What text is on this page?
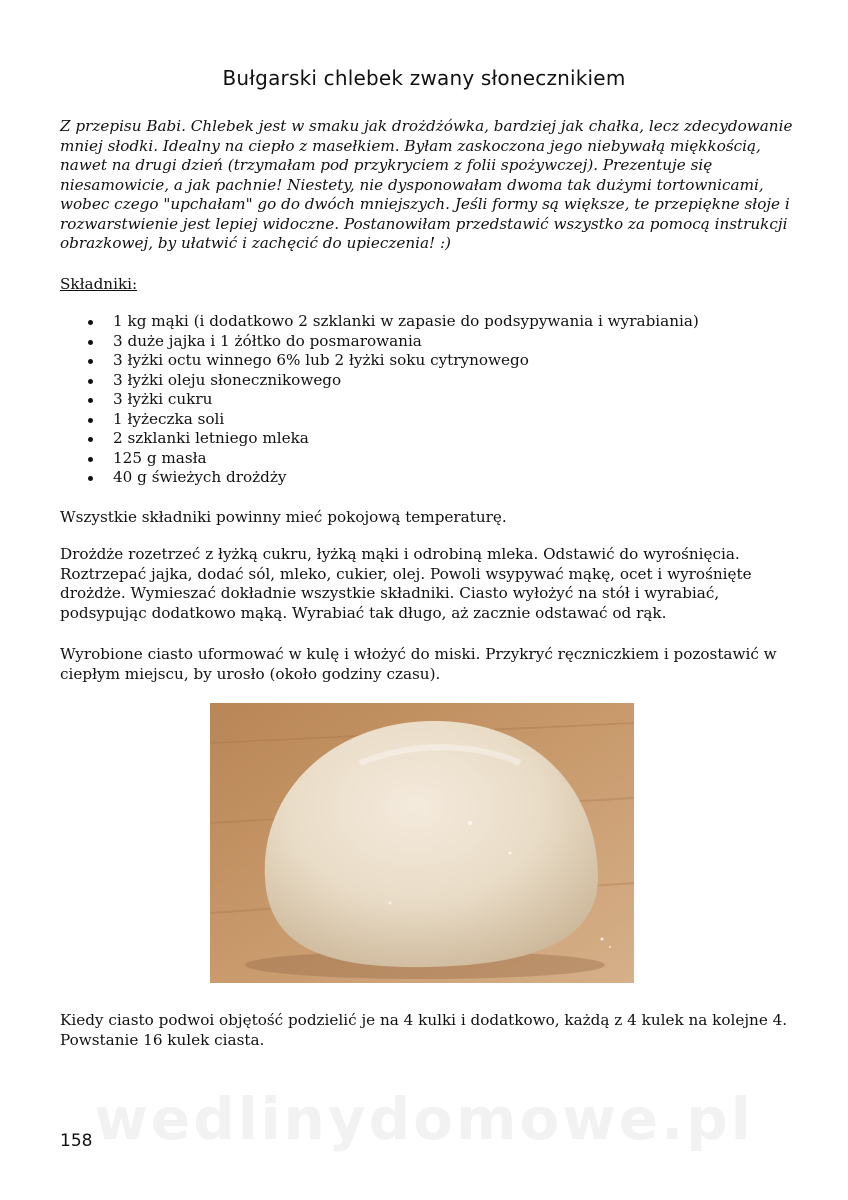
Bułgarski chlebek zwany słonecznikiem

Z przepisu Babi. Chlebek jest w smaku jak drożdżówka, bardziej jak chałka, lecz zdecydowanie mniej słodki. Idealny na ciepło z masełkiem. Byłam zaskoczona jego niebywałą miękkością, nawet na drugi dzień (trzymałam pod przykryciem z folii spożywczej). Prezentuje się niesamowicie, a jak pachnie! Niestety, nie dysponowałam dwoma tak dużymi tortownicami, wobec czego "upchałam" go do dwóch mniejszych. Jeśli formy są większe, te przepiękne słoje i rozwarstwienie jest lepiej widoczne. Postanowiłam przedstawić wszystko za pomocą instrukcji obrazkowej, by ułatwić i zachęcić do upieczenia! :)

Składniki:
1 kg mąki (i dodatkowo 2 szklanki w zapasie do podsypywania i wyrabiania)
3 duże jajka i 1 żółtko do posmarowania
3 łyżki octu winnego 6% lub 2 łyżki soku cytrynowego
3 łyżki oleju słonecznikowego
3 łyżki cukru
1 łyżeczka soli
2 szklanki letniego mleka
125 g masła
40 g świeżych drożdży

Wszystkie składniki powinny mieć pokojową temperaturę.

Drożdże rozetrzeć z łyżką cukru, łyżką mąki i odrobiną mleka. Odstawić do wyrośnięcia. Roztrzepać jajka, dodać sól, mleko, cukier, olej. Powoli wsypywać mąkę, ocet i wyrośnięte drożdże. Wymieszać dokładnie wszystkie składniki. Ciasto wyłożyć na stół i wyrabiać, podsypując dodatkowo mąką. Wyrabiać tak długo, aż zacznie odstawać od rąk.

Wyrobione ciasto uformować w kulę i włożyć do miski. Przykryć ręczniczkiem i pozostawić w ciepłym miejscu, by urosło (około godziny czasu).

Kiedy ciasto podwoi objętość podzielić je na 4 kulki i dodatkowo, każdą z 4 kulek na kolejne 4. Powstanie 16 kulek ciasta.

wedlinydomowe.pl
158
